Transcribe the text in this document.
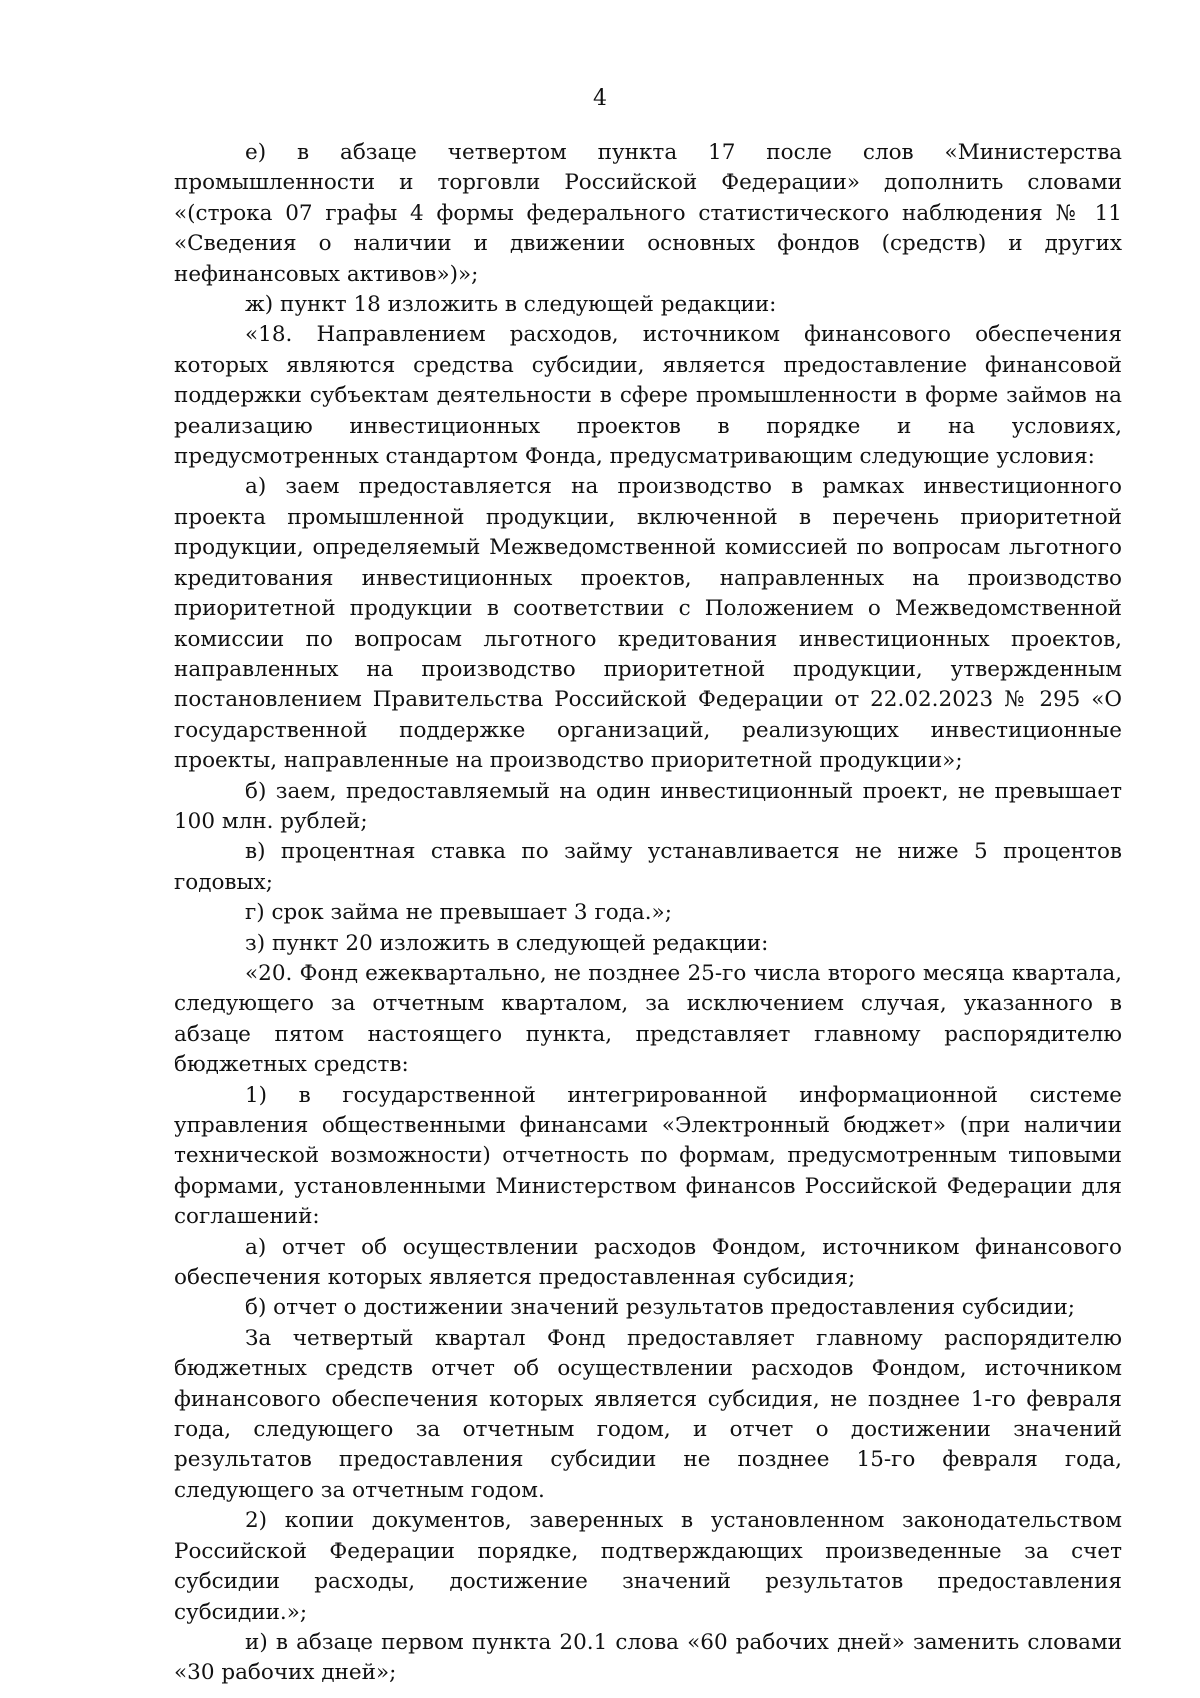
4

е) в абзаце четвертом пункта 17 после слов «Министерства промышленности и торговли Российской Федерации» дополнить словами «(строка 07 графы 4 формы федерального статистического наблюдения № 11 «Сведения о наличии и движении основных фондов (средств) и других нефинансовых активов»)»;

ж) пункт 18 изложить в следующей редакции:

«18. Направлением расходов, источником финансового обеспечения которых являются средства субсидии, является предоставление финансовой поддержки субъектам деятельности в сфере промышленности в форме займов на реализацию инвестиционных проектов в порядке и на условиях, предусмотренных стандартом Фонда, предусматривающим следующие условия:

а) заем предоставляется на производство в рамках инвестиционного проекта промышленной продукции, включенной в перечень приоритетной продукции, определяемый Межведомственной комиссией по вопросам льготного кредитования инвестиционных проектов, направленных на производство приоритетной продукции в соответствии с Положением о Межведомственной комиссии по вопросам льготного кредитования инвестиционных проектов, направленных на производство приоритетной продукции, утвержденным постановлением Правительства Российской Федерации от 22.02.2023 № 295 «О государственной поддержке организаций, реализующих инвестиционные проекты, направленные на производство приоритетной продукции»;

б) заем, предоставляемый на один инвестиционный проект, не превышает 100 млн. рублей;

в) процентная ставка по займу устанавливается не ниже 5 процентов годовых;

г) срок займа не превышает 3 года.»;

з) пункт 20 изложить в следующей редакции:

«20. Фонд ежеквартально, не позднее 25-го числа второго месяца квартала, следующего за отчетным кварталом, за исключением случая, указанного в абзаце пятом настоящего пункта, представляет главному распорядителю бюджетных средств:

1) в государственной интегрированной информационной системе управления общественными финансами «Электронный бюджет» (при наличии технической возможности) отчетность по формам, предусмотренным типовыми формами, установленными Министерством финансов Российской Федерации для соглашений:

а) отчет об осуществлении расходов Фондом, источником финансового обеспечения которых является предоставленная субсидия;

б) отчет о достижении значений результатов предоставления субсидии;

За четвертый квартал Фонд предоставляет главному распорядителю бюджетных средств отчет об осуществлении расходов Фондом, источником финансового обеспечения которых является субсидия, не позднее 1-го февраля года, следующего за отчетным годом, и отчет о достижении значений результатов предоставления субсидии не позднее 15-го февраля года, следующего за отчетным годом.

2) копии документов, заверенных в установленном законодательством Российской Федерации порядке, подтверждающих произведенные за счет субсидии расходы, достижение значений результатов предоставления субсидии.»;

и) в абзаце первом пункта 20.1 слова «60 рабочих дней» заменить словами «30 рабочих дней»;
